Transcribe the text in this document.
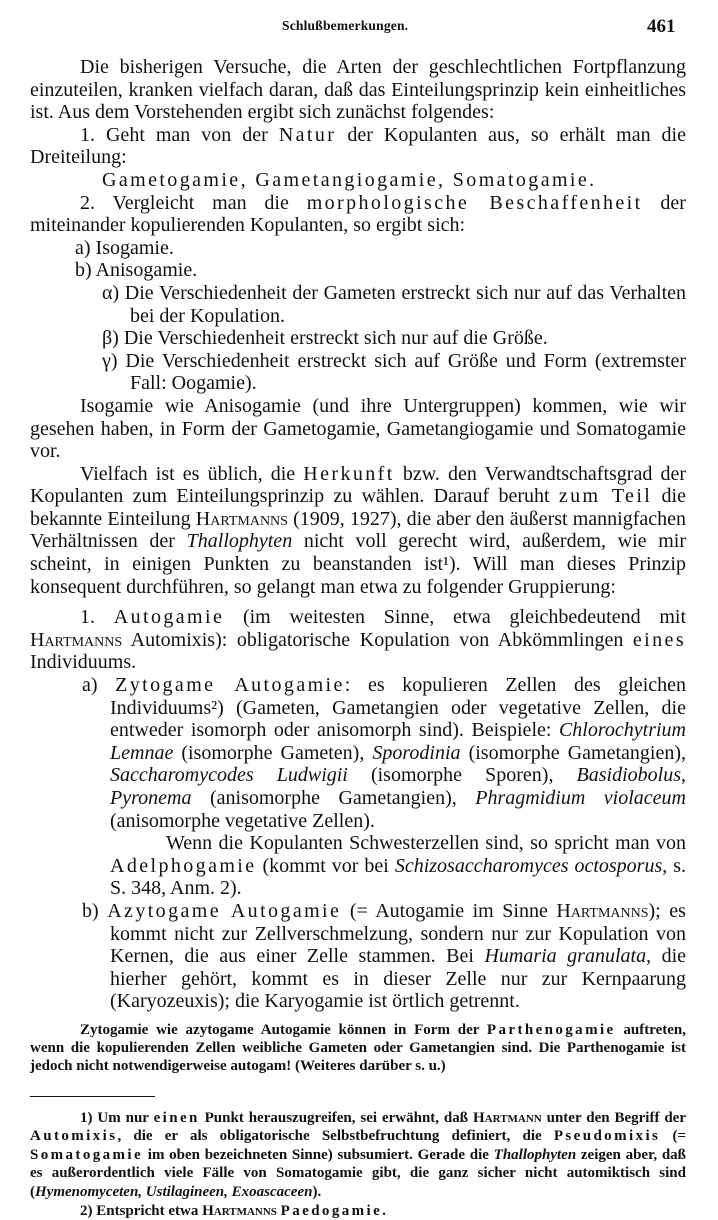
Schlußbemerkungen.	461

Die bisherigen Versuche, die Arten der geschlechtlichen Fortpflanzung einzuteilen, kranken vielfach daran, daß das Einteilungsprinzip kein einheitliches ist. Aus dem Vorstehenden ergibt sich zunächst folgendes:

1. Geht man von der Natur der Kopulanten aus, so erhält man die Dreiteilung:

Gametogamie, Gametangiogamie, Somatogamie.

2. Vergleicht man die morphologische Beschaffenheit der miteinander kopulierenden Kopulanten, so ergibt sich:

a) Isogamie.

b) Anisogamie.

α) Die Verschiedenheit der Gameten erstreckt sich nur auf das Verhalten bei der Kopulation.

β) Die Verschiedenheit erstreckt sich nur auf die Größe.

γ) Die Verschiedenheit erstreckt sich auf Größe und Form (extremster Fall: Oogamie).

Isogamie wie Anisogamie (und ihre Untergruppen) kommen, wie wir gesehen haben, in Form der Gametogamie, Gametangiogamie und Somatogamie vor.

Vielfach ist es üblich, die Herkunft bzw. den Verwandtschaftsgrad der Kopulanten zum Einteilungsprinzip zu wählen. Darauf beruht zum Teil die bekannte Einteilung Hartmanns (1909, 1927), die aber den äußerst mannigfachen Verhältnissen der Thallophyten nicht voll gerecht wird, außerdem, wie mir scheint, in einigen Punkten zu beanstanden ist¹). Will man dieses Prinzip konsequent durchführen, so gelangt man etwa zu folgender Gruppierung:

1. Autogamie (im weitesten Sinne, etwa gleichbedeutend mit Hartmanns Automixis): obligatorische Kopulation von Abkömmlingen eines Individuums.

a) Zytogame Autogamie: es kopulieren Zellen des gleichen Individuums²) (Gameten, Gametangien oder vegetative Zellen, die entweder isomorph oder anisomorph sind). Beispiele: Chlorochytrium Lemnae (isomorphe Gameten), Sporodinia (isomorphe Gametangien), Saccharomycodes Ludwigii (isomorphe Sporen), Basidiobolus, Pyronema (anisomorphe Gametangien), Phragmidium violaceum (anisomorphe vegetative Zellen).

Wenn die Kopulanten Schwesterzellen sind, so spricht man von Adelphogamie (kommt vor bei Schizosaccharomyces octosporus, s. S. 348, Anm. 2).

b) Azytogame Autogamie (= Autogamie im Sinne Hartmanns); es kommt nicht zur Zellverschmelzung, sondern nur zur Kopulation von Kernen, die aus einer Zelle stammen. Bei Humaria granulata, die hierher gehört, kommt es in dieser Zelle nur zur Kernpaarung (Karyozeuxis); die Karyogamie ist örtlich getrennt.

Zytogamie wie azytogame Autogamie können in Form der Parthenogamie auftreten, wenn die kopulierenden Zellen weibliche Gameten oder Gametangien sind. Die Parthenogamie ist jedoch nicht notwendigerweise autogam! (Weiteres darüber s. u.)

1) Um nur einen Punkt herauszugreifen, sei erwähnt, daß Hartmann unter den Begriff der Automixis, die er als obligatorische Selbstbefruchtung definiert, die Pseudomixis (= Somatogamie im oben bezeichneten Sinne) subsumiert. Gerade die Thallophyten zeigen aber, daß es außerordentlich viele Fälle von Somatogamie gibt, die ganz sicher nicht automiktisch sind (Hymenomyceten, Ustilagineen, Exoascaceen).

2) Entspricht etwa Hartmanns Paedogamie.
